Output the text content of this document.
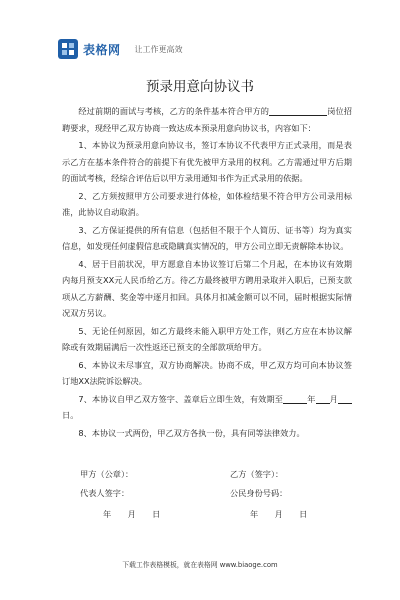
表格网 让工作更高效
预录用意向协议书

经过前期的面试与考核，乙方的条件基本符合甲方的	岗位招聘要求，现经甲乙双方协商一致达成本预录用意向协议书，内容如下：

1、本协议为预录用意向协议书，签订本协议不代表甲方正式录用，而是表示乙方在基本条件符合的前提下有优先被甲方录用的权利。乙方需通过甲方后期的面试考核，经综合评估后以甲方录用通知书作为正式录用的依据。

2、乙方须按照甲方公司要求进行体检，如体检结果不符合甲方公司录用标准，此协议自动取消。

3、乙方保证提供的所有信息（包括但不限于个人简历、证书等）均为真实信息，如发现任何虚假信息或隐瞒真实情况的，甲方公司立即无责解除本协议。

4、居于目前状况，甲方愿意自本协议签订后第二个月起，在本协议有效期内每月预支XX元人民币给乙方。待乙方最终被甲方聘用录取并入职后，已预支款项从乙方薪酬、奖金等中逐月扣回。具体月扣减金额可以不同，届时根据实际情况双方另议。

5、无论任何原因，如乙方最终未能入职甲方处工作，则乙方应在本协议解除或有效期届满后一次性返还已预支的全部款项给甲方。

6、本协议未尽事宜，双方协商解决。协商不成，甲乙双方均可向本协议签订地XX法院诉讼解决。

7、本协议自甲乙双方签字、盖章后立即生效，有效期至	年 月日。

8、本协议一式两份，甲乙双方各执一份，具有同等法律效力。

甲方（公章）：	乙方（签字）：
代表人签字：	公民身份号码：
年　　月　　日	年　　月　　日
下载工作表格模板，就在表格网 www.biaoge.com
